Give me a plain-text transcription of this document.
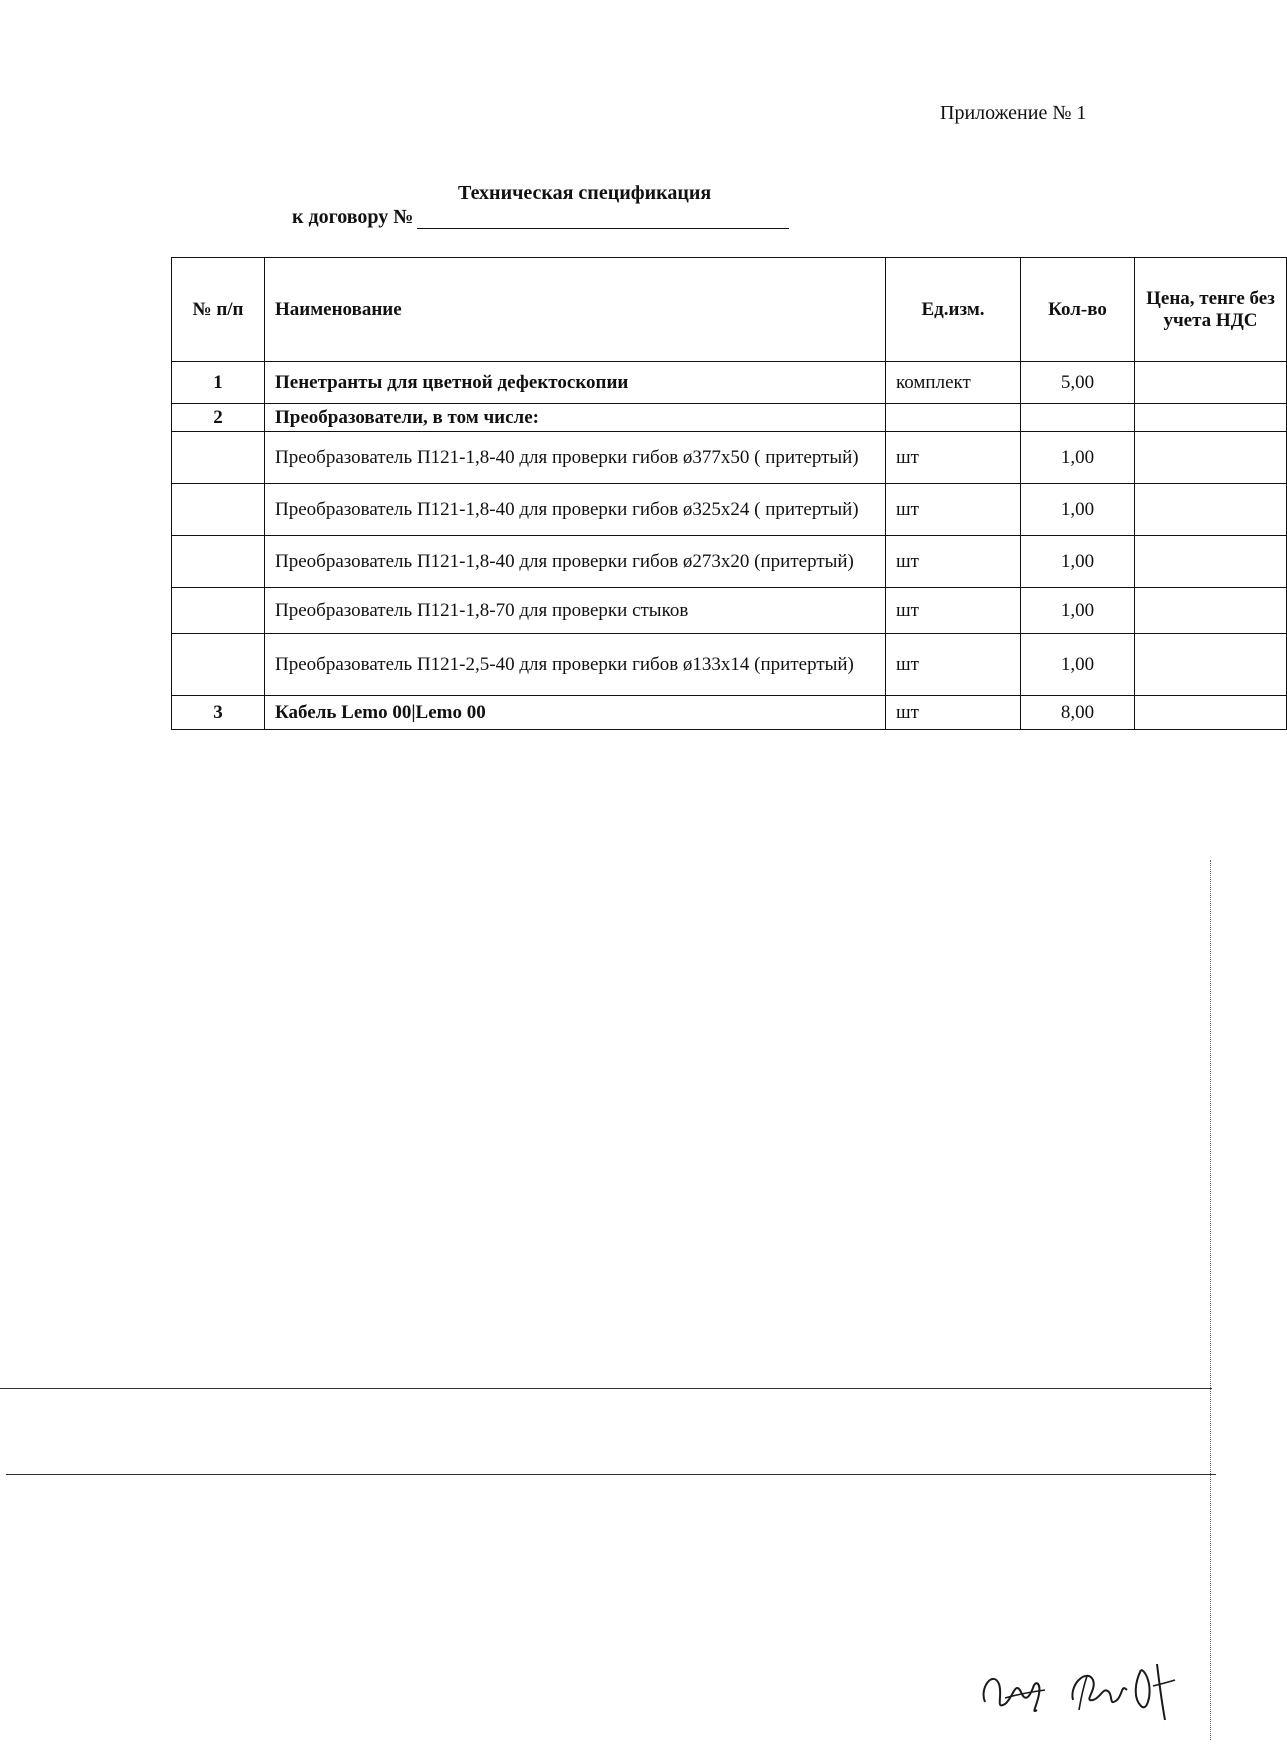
Приложение № 1
Техническая спецификация
к договору №
№ п/п	Наименование	Ед.изм.	Кол-во	Цена, тенге без учета НДС
1	Пенетранты для цветной дефектоскопии	комплект	5,00	
2	Преобразователи, в том числе:			
	Преобразователь П121-1,8-40 для проверки гибов ø377x50 ( притертый)	шт	1,00	
	Преобразователь П121-1,8-40 для проверки гибов ø325x24 ( притертый)	шт	1,00	
	Преобразователь П121-1,8-40 для проверки гибов ø273x20 (притертый)	шт	1,00	
	Преобразователь П121-1,8-70 для проверки стыков	шт	1,00	
	Преобразователь П121-2,5-40 для проверки гибов ø133x14 (притертый)	шт	1,00	
3	Кабель Lemo 00|Lemo 00	шт	8,00	
